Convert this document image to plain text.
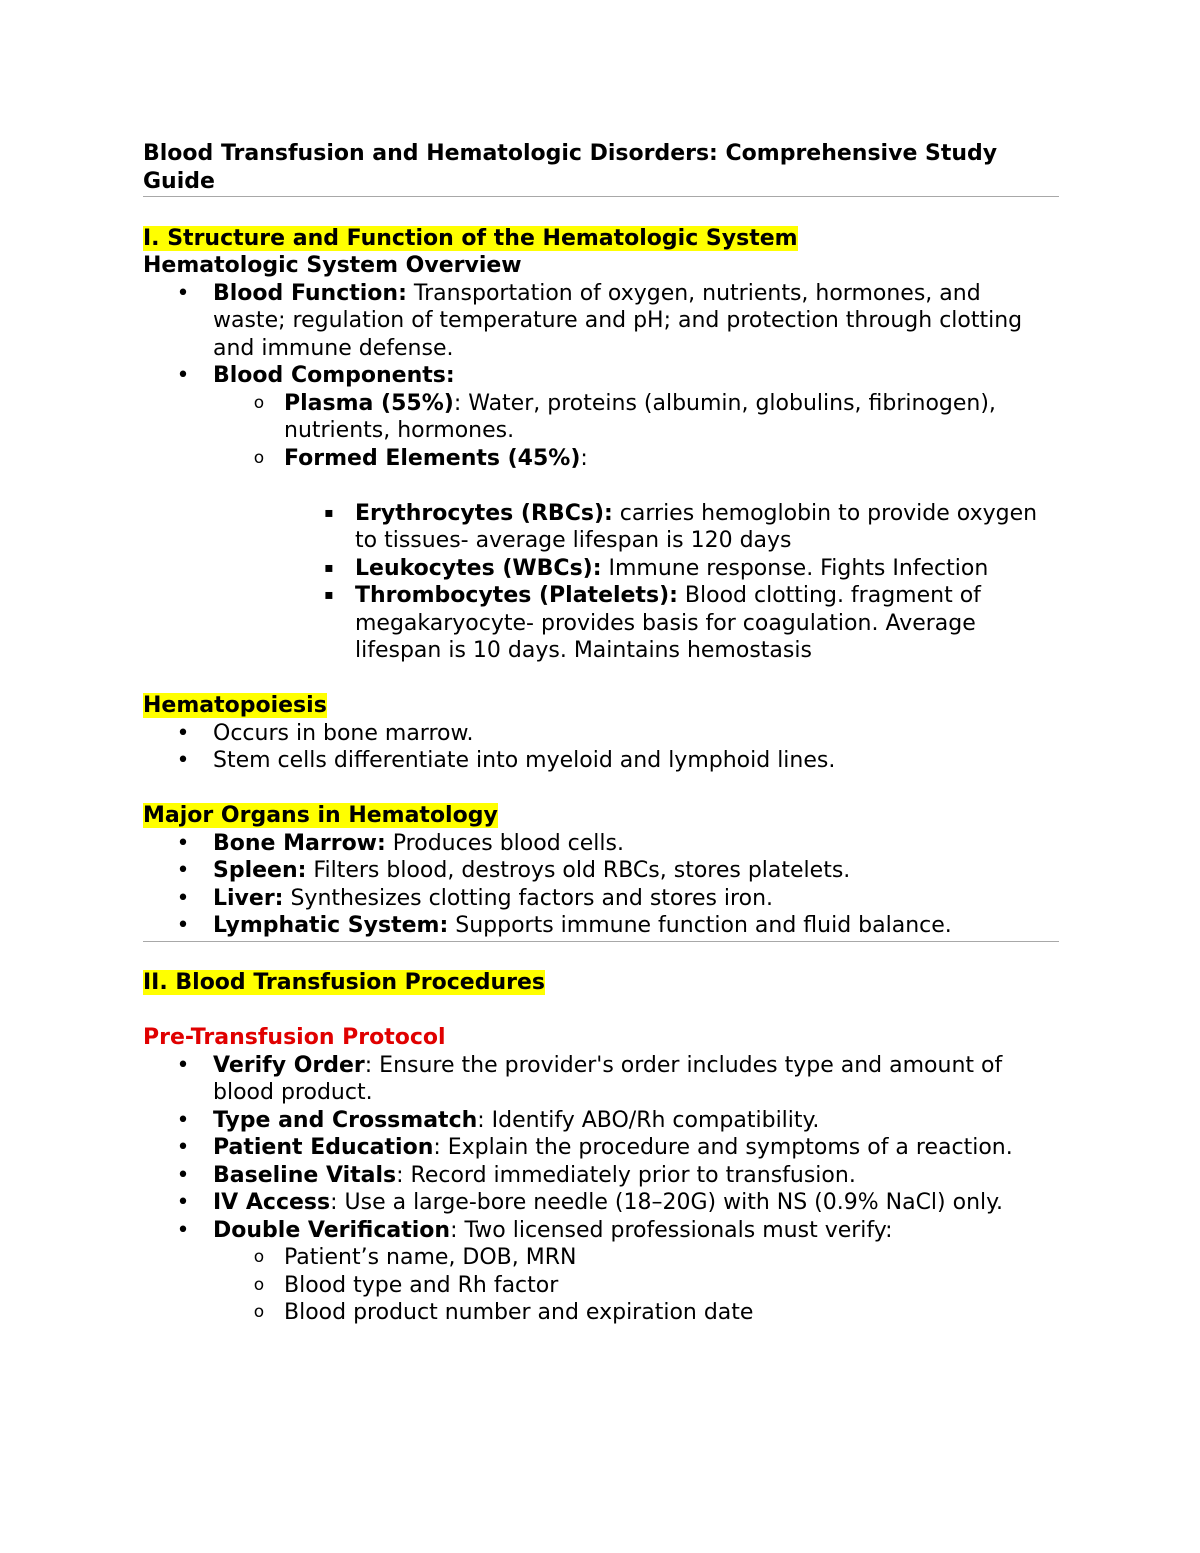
Blood Transfusion and Hematologic Disorders: Comprehensive Study Guide

I. Structure and Function of the Hematologic System
Hematologic System Overview
• Blood Function: Transportation of oxygen, nutrients, hormones, and waste; regulation of temperature and pH; and protection through clotting and immune defense.
• Blood Components:
o Plasma (55%): Water, proteins (albumin, globulins, fibrinogen), nutrients, hormones.
o Formed Elements (45%):
▪ Erythrocytes (RBCs): carries hemoglobin to provide oxygen to tissues- average lifespan is 120 days
▪ Leukocytes (WBCs): Immune response. Fights Infection
▪ Thrombocytes (Platelets): Blood clotting. fragment of megakaryocyte- provides basis for coagulation. Average lifespan is 10 days. Maintains hemostasis
Hematopoiesis
• Occurs in bone marrow.
• Stem cells differentiate into myeloid and lymphoid lines.
Major Organs in Hematology
• Bone Marrow: Produces blood cells.
• Spleen: Filters blood, destroys old RBCs, stores platelets.
• Liver: Synthesizes clotting factors and stores iron.
• Lymphatic System: Supports immune function and fluid balance.
II. Blood Transfusion Procedures
Pre-Transfusion Protocol
• Verify Order: Ensure the provider's order includes type and amount of blood product.
• Type and Crossmatch: Identify ABO/Rh compatibility.
• Patient Education: Explain the procedure and symptoms of a reaction.
• Baseline Vitals: Record immediately prior to transfusion.
• IV Access: Use a large-bore needle (18–20G) with NS (0.9% NaCl) only.
• Double Verification: Two licensed professionals must verify:
o Patient’s name, DOB, MRN
o Blood type and Rh factor
o Blood product number and expiration date
